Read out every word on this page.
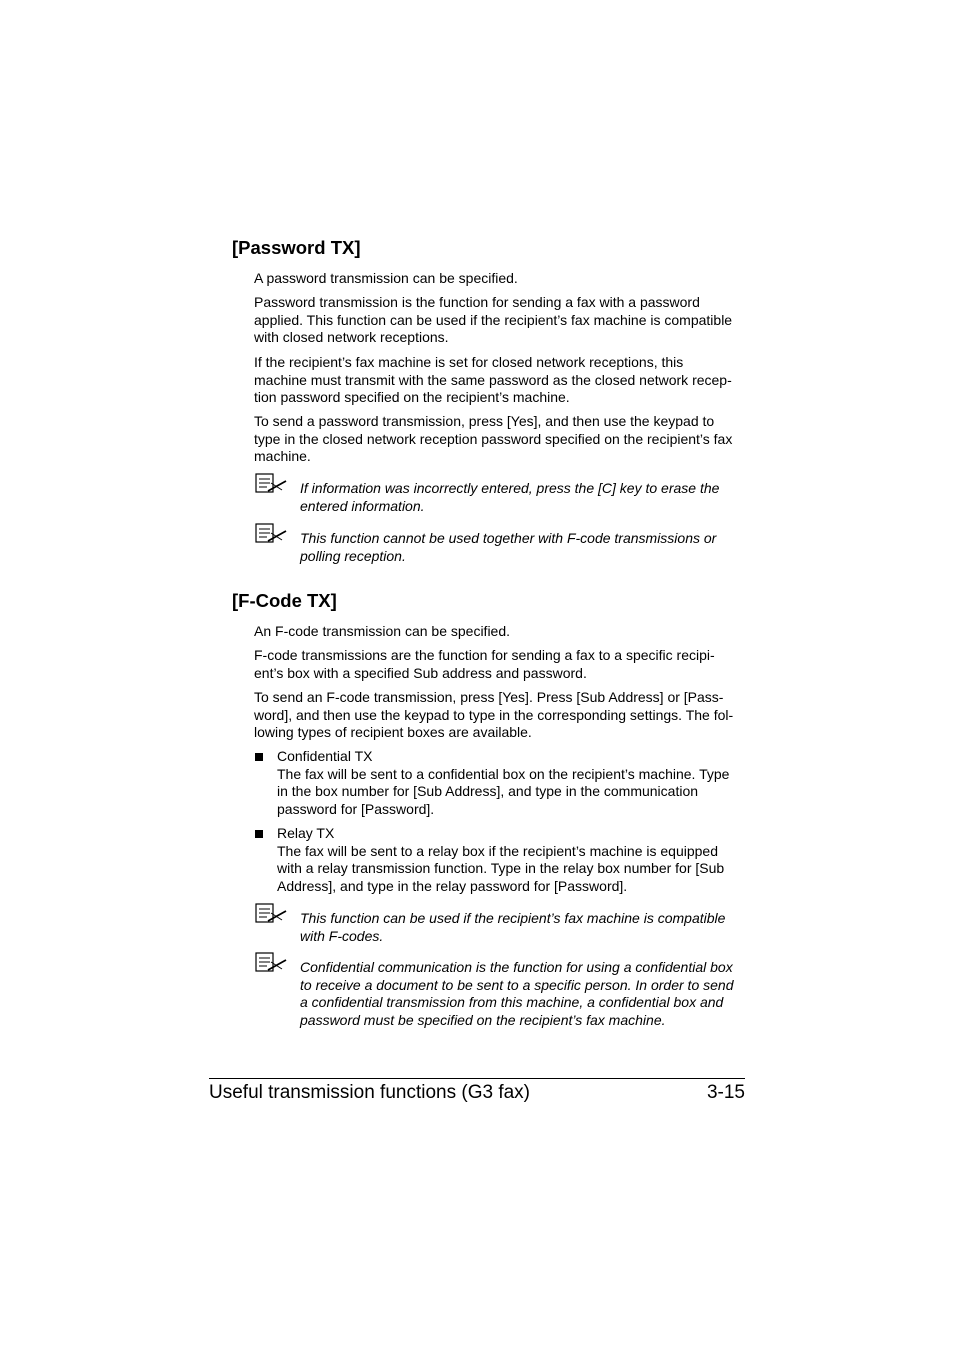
[Password TX]

A password transmission can be specified.

Password transmission is the function for sending a fax with a password
applied. This function can be used if the recipient’s fax machine is compatible
with closed network receptions.

If the recipient’s fax machine is set for closed network receptions, this
machine must transmit with the same password as the closed network recep-
tion password specified on the recipient’s machine.

To send a password transmission, press [Yes], and then use the keypad to
type in the closed network reception password specified on the recipient’s fax
machine.

If information was incorrectly entered, press the [C] key to erase the
entered information.
This function cannot be used together with F-code transmissions or
polling reception.
[F-Code TX]

An F-code transmission can be specified.

F-code transmissions are the function for sending a fax to a specific recipi-
ent’s box with a specified Sub address and password.

To send an F-code transmission, press [Yes]. Press [Sub Address] or [Pass-
word], and then use the keypad to type in the corresponding settings. The fol-
lowing types of recipient boxes are available.

Confidential TX
The fax will be sent to a confidential box on the recipient’s machine. Type
in the box number for [Sub Address], and type in the communication
password for [Password].
Relay TX
The fax will be sent to a relay box if the recipient’s machine is equipped
with a relay transmission function. Type in the relay box number for [Sub
Address], and type in the relay password for [Password].
This function can be used if the recipient’s fax machine is compatible
with F-codes.
Confidential communication is the function for using a confidential box
to receive a document to be sent to a specific person. In order to send
a confidential transmission from this machine, a confidential box and
password must be specified on the recipient’s fax machine.
Useful transmission functions (G3 fax)	3-15
